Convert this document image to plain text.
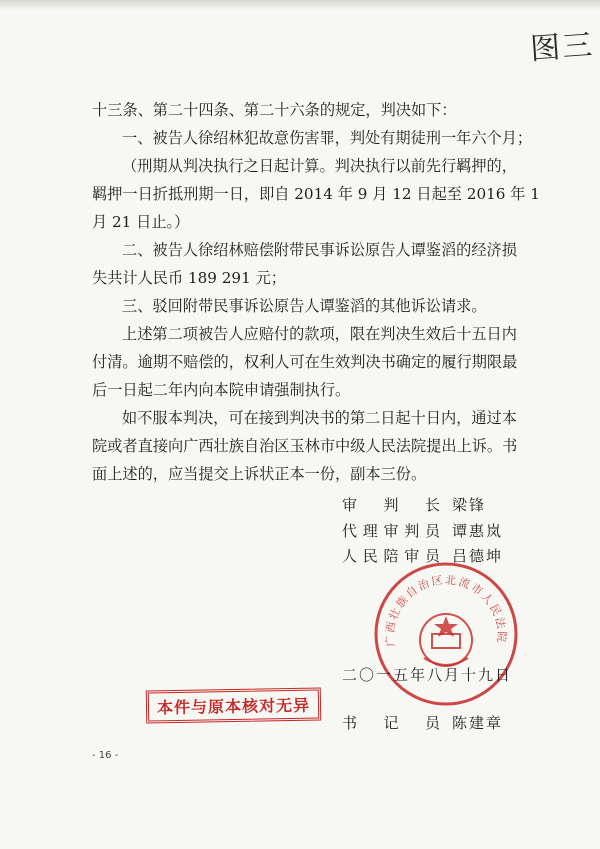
图三
十三条、第二十四条、第二十六条的规定，判决如下：
一、被告人徐绍林犯故意伤害罪，判处有期徒刑一年六个月；
（刑期从判决执行之日起计算。判决执行以前先行羁押的，
羁押一日折抵刑期一日，即自 2014 年 9 月 12 日起至 2016 年 1
月 21 日止。）
二、被告人徐绍林赔偿附带民事诉讼原告人谭鉴滔的经济损
失共计人民币 189 291 元；
三、驳回附带民事诉讼原告人谭鉴滔的其他诉讼请求。
上述第二项被告人应赔付的款项，限在判决生效后十五日内
付清。逾期不赔偿的，权利人可在生效判决书确定的履行期限最
后一日起二年内向本院申请强制执行。
如不服本判决，可在接到判决书的第二日起十日内，通过本
院或者直接向广西壮族自治区玉林市中级人民法院提出上诉。书
面上述的，应当提交上诉状正本一份，副本三份。
广西壮族自治区北流市人民法院
审判长 梁锋
代理审判员 谭惠岚
人民陪审员 吕德坤
二〇一五年八月十九日
本件与原本核对无异
书记员 陈建章
- 16 -
